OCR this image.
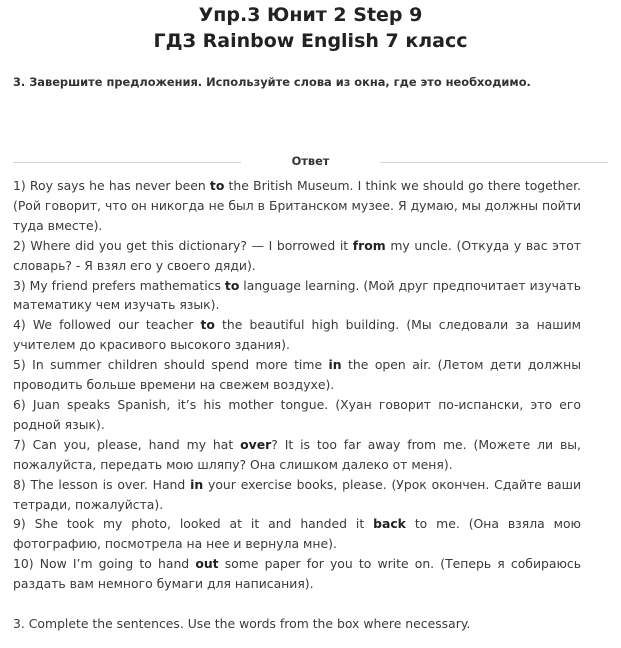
Упр.3 Юнит 2 Step 9
ГДЗ Rainbow English 7 класс

3. Завершите предложения. Используйте слова из окна, где это необходимо.

Ответ

1) Roy says he has never been to the British Museum. I think we should go there together. (Рой говорит, что он никогда не был в Британском музее. Я думаю, мы должны пойти туда вместе).

2) Where did you get this dictionary? — I borrowed it from my uncle. (Откуда у вас этот словарь? - Я взял его у своего дяди).

3) My friend prefers mathematics to language learning. (Мой друг предпочитает изучать математику чем изучать язык).

4) We followed our teacher to the beautiful high building. (Мы следовали за нашим учителем до красивого высокого здания).

5) In summer children should spend more time in the open air. (Летом дети должны проводить больше времени на свежем воздухе).

6) Juan speaks Spanish, it’s his mother tongue. (Хуан говорит по-испански, это его родной язык).

7) Can you, please, hand my hat over? It is too far away from me. (Можете ли вы, пожалуйста, передать мою шляпу? Она слишком далеко от меня).

8) The lesson is over. Hand in your exercise books, please. (Урок окончен. Сдайте ваши тетради, пожалуйста).

9) She took my photo, looked at it and handed it back to me. (Она взяла мою фотографию, посмотрела на нее и вернула мне).

10) Now I’m going to hand out some paper for you to write on. (Теперь я собираюсь раздать вам немного бумаги для написания).

3. Complete the sentences. Use the words from the box where necessary.
